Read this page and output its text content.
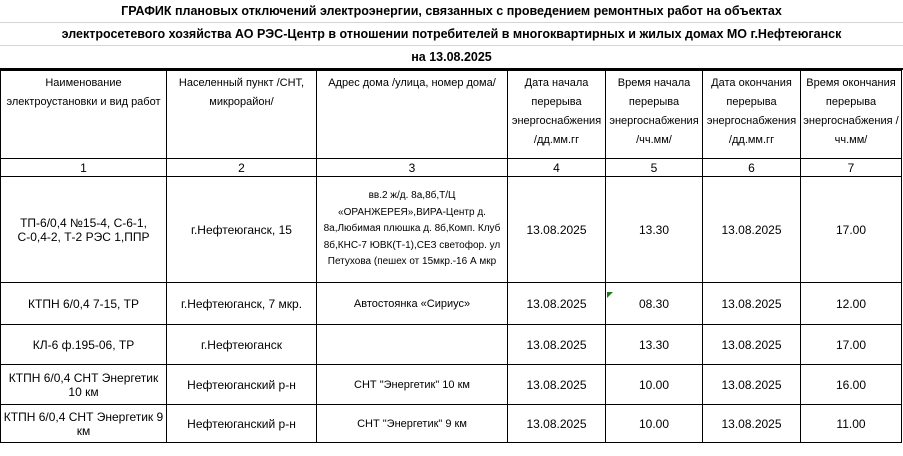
ГРАФИК плановых отключений электроэнергии, связанных с проведением ремонтных работ на объектах
электросетевого хозяйства АО РЭС-Центр в отношении потребителей в многоквартирных и жилых домах МО г.Нефтеюганск
на 13.08.2025
Наименование электроустановки и вид работ	Населенный пункт /СНТ, микрорайон/	Адрес дома /улица, номер дома/	Дата начала перерыва энергоснабжения /дд.мм.гг	Время начала перерыва энергоснабжения /чч.мм/	Дата окончания перерыва энергоснабжения /дд.мм.гг	Время окончания перерыва энергоснабжения /чч.мм/
1	2	3	4	5	6	7
ТП-6/0,4 №15-4, С-6-1, С-0,4-2, Т-2 РЭС 1,ППР	г.Нефтеюганск, 15	вв.2 ж/д. 8а,8б,Т/Ц «ОРАНЖЕРЕЯ»,ВИРА-Центр д. 8а,Любимая плюшка д. 8б,Комп. Клуб 8б,КНС-7 ЮВК(Т-1),СЕЗ светофор. ул Петухова (пешех от 15мкр.-16 А мкр	13.08.2025	13.30	13.08.2025	17.00
КТПН 6/0,4 7-15, ТР	г.Нефтеюганск, 7 мкр.	Автостоянка «Сириус»	13.08.2025	08.30	13.08.2025	12.00
КЛ-6 ф.195-06, ТР	г.Нефтеюганск		13.08.2025	13.30	13.08.2025	17.00
КТПН 6/0,4 СНТ Энергетик 10 км	Нефтеюганский р-н	СНТ "Энергетик" 10 км	13.08.2025	10.00	13.08.2025	16.00
КТПН 6/0,4 СНТ Энергетик 9 км	Нефтеюганский р-н	СНТ "Энергетик" 9 км	13.08.2025	10.00	13.08.2025	11.00
